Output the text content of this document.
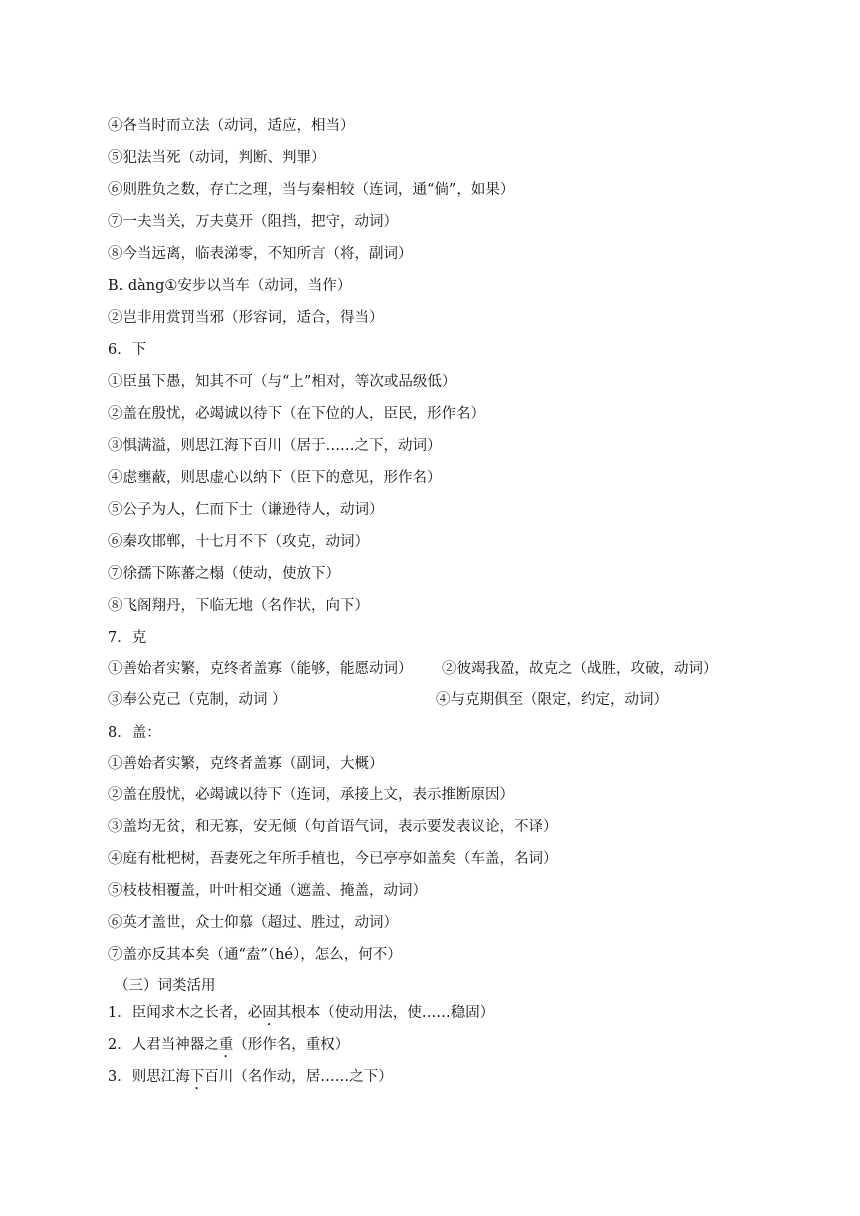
④各当时而立法（动词，适应，相当）
⑤犯法当死（动词，判断、判罪）
⑥则胜负之数，存亡之理，当与秦相较（连词，通“倘”，如果）
⑦一夫当关，万夫莫开（阻挡，把守，动词）
⑧今当远离，临表涕零，不知所言（将，副词）
B. dàng①安步以当车（动词，当作）
②岂非用赏罚当邪（形容词，适合，得当）
6．下
①臣虽下愚，知其不可（与“上”相对，等次或品级低）
②盖在殷忧，必竭诚以待下（在下位的人，臣民，形作名）
③惧满溢，则思江海下百川（居于……之下，动词）
④虑壅蔽，则思虚心以纳下（臣下的意见，形作名）
⑤公子为人，仁而下士（谦逊待人，动词）
⑥秦攻邯郸，十七月不下（攻克，动词）
⑦徐孺下陈蕃之榻（使动，使放下）
⑧飞阁翔丹，下临无地（名作状，向下）
7．克
①善始者实繁，克终者盖寡（能够，能愿动词） ②彼竭我盈，故克之（战胜，攻破，动词）
③奉公克己（克制，动词 ）	④与克期俱至（限定，约定，动词）
8．盖：
①善始者实繁，克终者盖寡（副词，大概）
②盖在殷忧，必竭诚以待下（连词，承接上文，表示推断原因）
③盖均无贫，和无寡，安无倾（句首语气词，表示要发表议论，不译）
④庭有枇杷树，吾妻死之年所手植也，今已亭亭如盖矣（车盖，名词）
⑤枝枝相覆盖，叶叶相交通（遮盖、掩盖，动词）
⑥英才盖世，众士仰慕（超过、胜过，动词）
⑦盖亦反其本矣（通“盍”（hé），怎么，何不）
（三）词类活用
1．臣闻求木之长者，必固其根本（使动用法，使……稳固）
2．人君当神器之重（形作名，重权）
3．则思江海下百川（名作动，居……之下）
